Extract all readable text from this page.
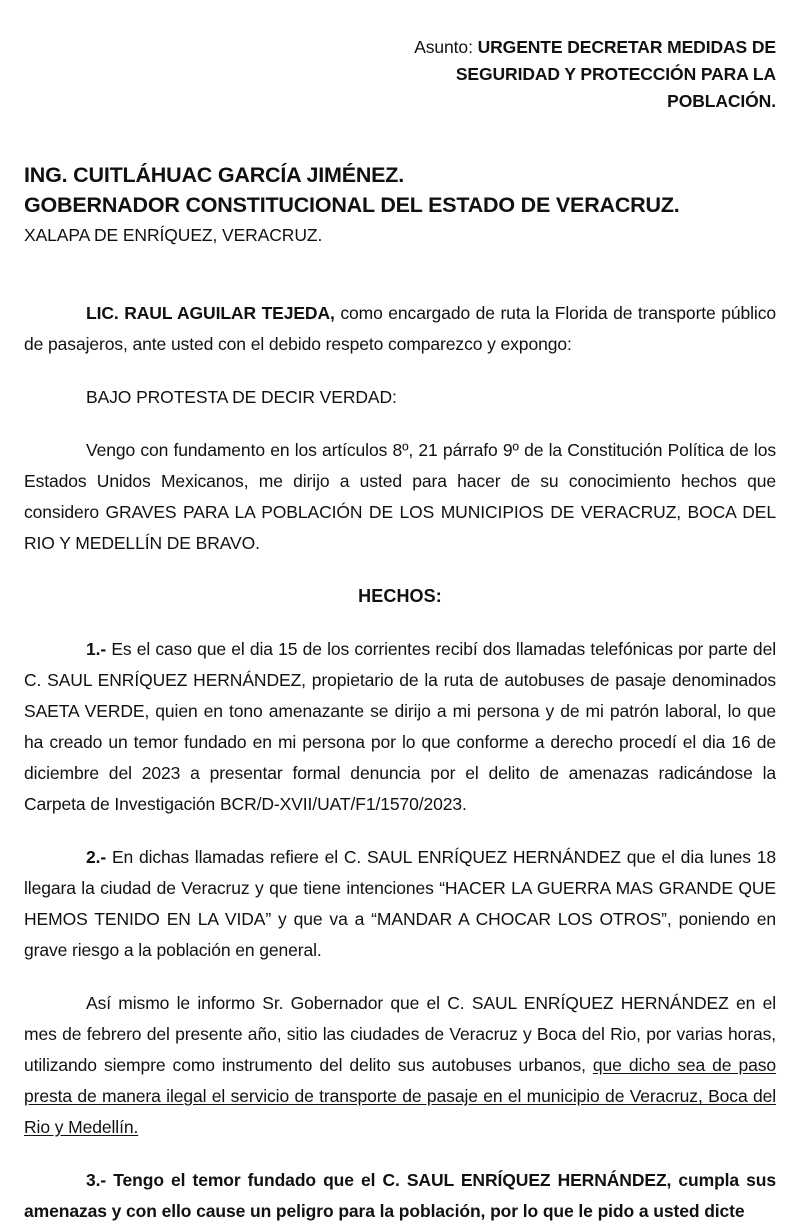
Asunto: URGENTE DECRETAR MEDIDAS DE SEGURIDAD Y PROTECCIÓN PARA LA POBLACIÓN.
ING. CUITLÁHUAC GARCÍA JIMÉNEZ.
GOBERNADOR CONSTITUCIONAL DEL ESTADO DE VERACRUZ.
XALAPA DE ENRÍQUEZ, VERACRUZ.

LIC. RAUL AGUILAR TEJEDA, como encargado de ruta la Florida de transporte público de pasajeros, ante usted con el debido respeto comparezco y expongo:

BAJO PROTESTA DE DECIR VERDAD:

Vengo con fundamento en los artículos 8º, 21 párrafo 9º de la Constitución Política de los Estados Unidos Mexicanos, me dirijo a usted para hacer de su conocimiento hechos que considero GRAVES PARA LA POBLACIÓN DE LOS MUNICIPIOS DE VERACRUZ, BOCA DEL RIO Y MEDELLÍN DE BRAVO.

HECHOS:

1.- Es el caso que el dia 15 de los corrientes recibí dos llamadas telefónicas por parte del C. SAUL ENRÍQUEZ HERNÁNDEZ, propietario de la ruta de autobuses de pasaje denominados SAETA VERDE, quien en tono amenazante se dirijo a mi persona y de mi patrón laboral, lo que ha creado un temor fundado en mi persona por lo que conforme a derecho procedí el dia 16 de diciembre del 2023 a presentar formal denuncia por el delito de amenazas radicándose la Carpeta de Investigación BCR/D-XVII/UAT/F1/1570/2023.

2.- En dichas llamadas refiere el C. SAUL ENRÍQUEZ HERNÁNDEZ que el dia lunes 18 llegara la ciudad de Veracruz y que tiene intenciones “HACER LA GUERRA MAS GRANDE QUE HEMOS TENIDO EN LA VIDA” y que va a “MANDAR A CHOCAR LOS OTROS”, poniendo en grave riesgo a la población en general.

Así mismo le informo Sr. Gobernador que el C. SAUL ENRÍQUEZ HERNÁNDEZ en el mes de febrero del presente año, sitio las ciudades de Veracruz y Boca del Rio, por varias horas, utilizando siempre como instrumento del delito sus autobuses urbanos, que dicho sea de paso presta de manera ilegal el servicio de transporte de pasaje en el municipio de Veracruz, Boca del Rio y Medellín.

3.- Tengo el temor fundado que el C. SAUL ENRÍQUEZ HERNÁNDEZ, cumpla sus amenazas y con ello cause un peligro para la población, por lo que le pido a usted dicte
